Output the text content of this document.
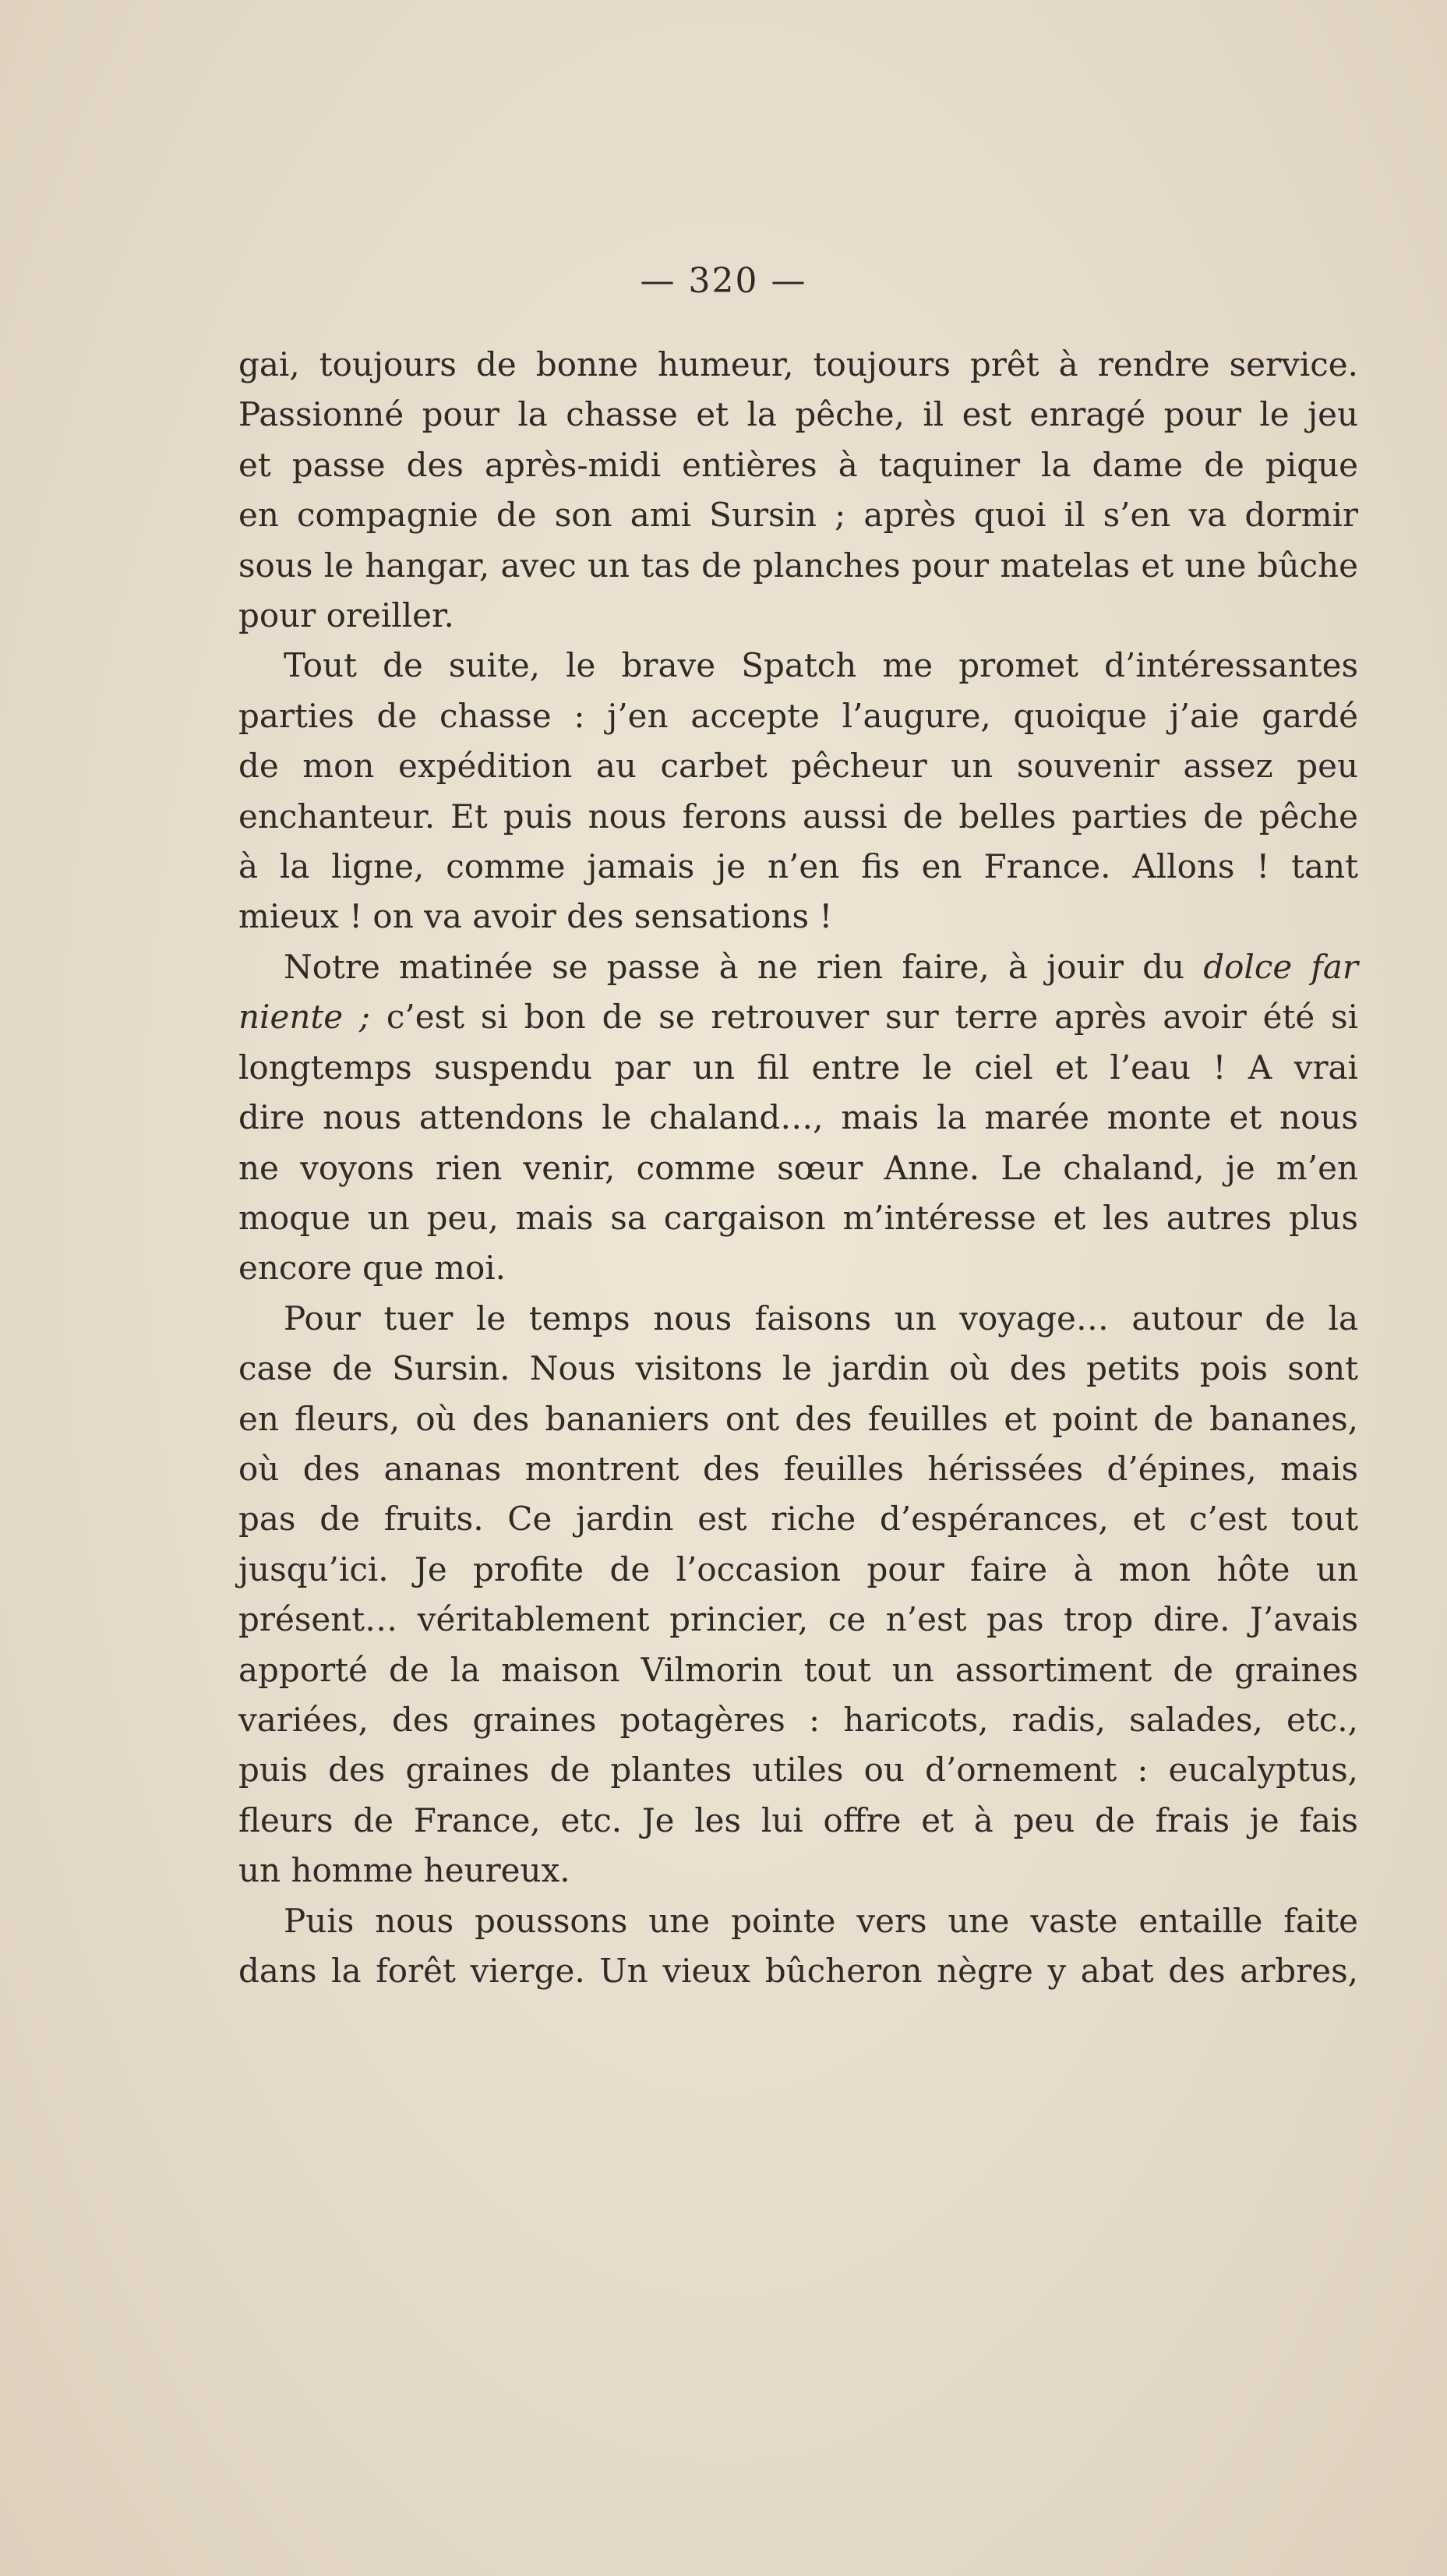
— 320 —
gai, toujours de bonne humeur, toujours prêt à rendre service.
Passionné pour la chasse et la pêche, il est enragé pour le jeu
et passe des après-midi entières à taquiner la dame de pique
en compagnie de son ami Sursin ; après quoi il s’en va dormir
sous le hangar, avec un tas de planches pour matelas et une bûche
pour oreiller.
Tout de suite, le brave Spatch me promet d’intéressantes
parties de chasse : j’en accepte l’augure, quoique j’aie gardé
de mon expédition au carbet pêcheur un souvenir assez peu
enchanteur. Et puis nous ferons aussi de belles parties de pêche
à la ligne, comme jamais je n’en fis en France. Allons ! tant
mieux ! on va avoir des sensations !
Notre matinée se passe à ne rien faire, à jouir du dolce far
niente ; c’est si bon de se retrouver sur terre après avoir été si
longtemps suspendu par un fil entre le ciel et l’eau ! A vrai
dire nous attendons le chaland…, mais la marée monte et nous
ne voyons rien venir, comme sœur Anne. Le chaland, je m’en
moque un peu, mais sa cargaison m’intéresse et les autres plus
encore que moi.
Pour tuer le temps nous faisons un voyage… autour de la
case de Sursin. Nous visitons le jardin où des petits pois sont
en fleurs, où des bananiers ont des feuilles et point de bananes,
où des ananas montrent des feuilles hérissées d’épines, mais
pas de fruits. Ce jardin est riche d’espérances, et c’est tout
jusqu’ici. Je profite de l’occasion pour faire à mon hôte un
présent… véritablement princier, ce n’est pas trop dire. J’avais
apporté de la maison Vilmorin tout un assortiment de graines
variées, des graines potagères : haricots, radis, salades, etc.,
puis des graines de plantes utiles ou d’ornement : eucalyptus,
fleurs de France, etc. Je les lui offre et à peu de frais je fais
un homme heureux.
Puis nous poussons une pointe vers une vaste entaille faite
dans la forêt vierge. Un vieux bûcheron nègre y abat des arbres,
